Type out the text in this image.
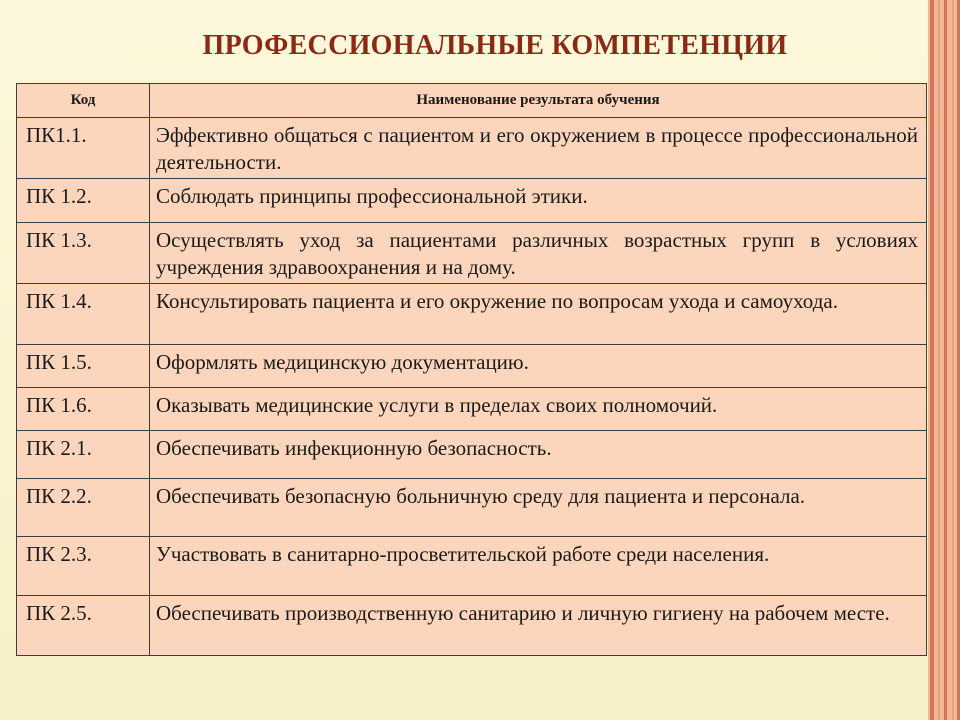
ПРОФЕССИОНАЛЬНЫЕ КОМПЕТЕНЦИИ
Код	Наименование результата обучения
ПК1.1.	Эффективно общаться с пациентом и его окружением в процессе профессиональной деятельности.
ПК 1.2.	Соблюдать принципы профессиональной этики.
ПК 1.3.	Осуществлять уход за пациентами различных возрастных групп в условиях учреждения здравоохранения и на дому.
ПК 1.4.	Консультировать пациента и его окружение по вопросам ухода и самоухода.
ПК 1.5.	Оформлять медицинскую документацию.
ПК 1.6.	Оказывать медицинские услуги в пределах своих полномочий.
ПК 2.1.	Обеспечивать инфекционную безопасность.
ПК 2.2.	Обеспечивать безопасную больничную среду для пациента и персонала.
ПК 2.3.	Участвовать в санитарно-просветительской работе среди населения.
ПК 2.5.	Обеспечивать производственную санитарию и личную гигиену на рабочем месте.
